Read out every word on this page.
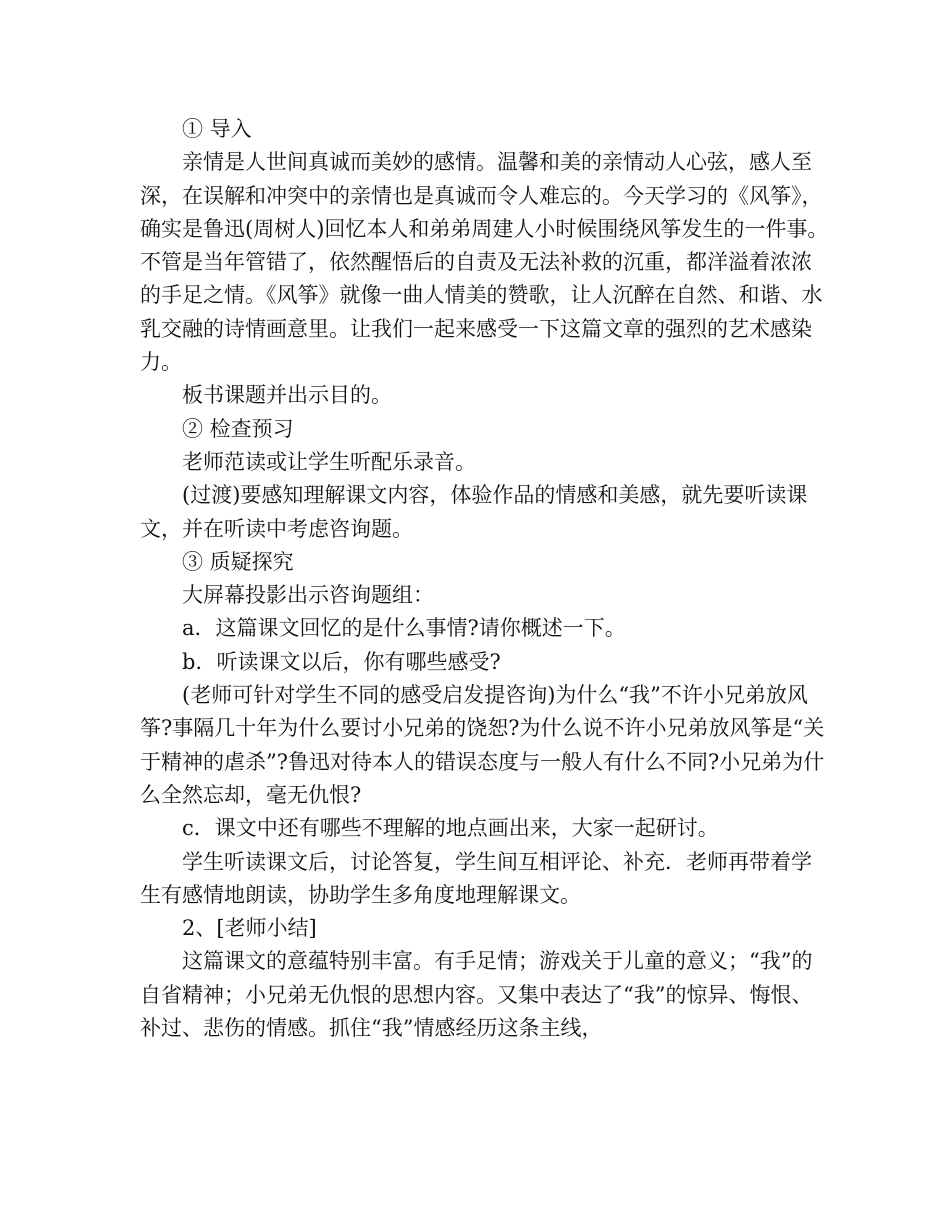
① 导入

亲情是人世间真诚而美妙的感情。温馨和美的亲情动人心弦，感人至深，在误解和冲突中的亲情也是真诚而令人难忘的。今天学习的《风筝》，确实是鲁迅(周树人)回忆本人和弟弟周建人小时候围绕风筝发生的一件事。不管是当年管错了，依然醒悟后的自责及无法补救的沉重，都洋溢着浓浓的手足之情。《风筝》就像一曲人情美的赞歌，让人沉醉在自然、和谐、水乳交融的诗情画意里。让我们一起来感受一下这篇文章的强烈的艺术感染力。

板书课题并出示目的。

② 检查预习

老师范读或让学生听配乐录音。

(过渡)要感知理解课文内容，体验作品的情感和美感，就先要听读课文，并在听读中考虑咨询题。

③ 质疑探究

大屏幕投影出示咨询题组：

a．这篇课文回忆的是什么事情?请你概述一下。

b．听读课文以后，你有哪些感受?

(老师可针对学生不同的感受启发提咨询)为什么“我”不许小兄弟放风筝?事隔几十年为什么要讨小兄弟的饶恕?为什么说不许小兄弟放风筝是“关于精神的虐杀”?鲁迅对待本人的错误态度与一般人有什么不同?小兄弟为什么全然忘却，毫无仇恨?

c．课文中还有哪些不理解的地点画出来，大家一起研讨。

学生听读课文后，讨论答复，学生间互相评论、补充．老师再带着学生有感情地朗读，协助学生多角度地理解课文。

2、[老师小结]

这篇课文的意蕴特别丰富。有手足情；游戏关于儿童的意义；“我”的自省精神；小兄弟无仇恨的思想内容。又集中表达了“我”的惊异、悔恨、补过、悲伤的情感。抓住“我”情感经历这条主线，
